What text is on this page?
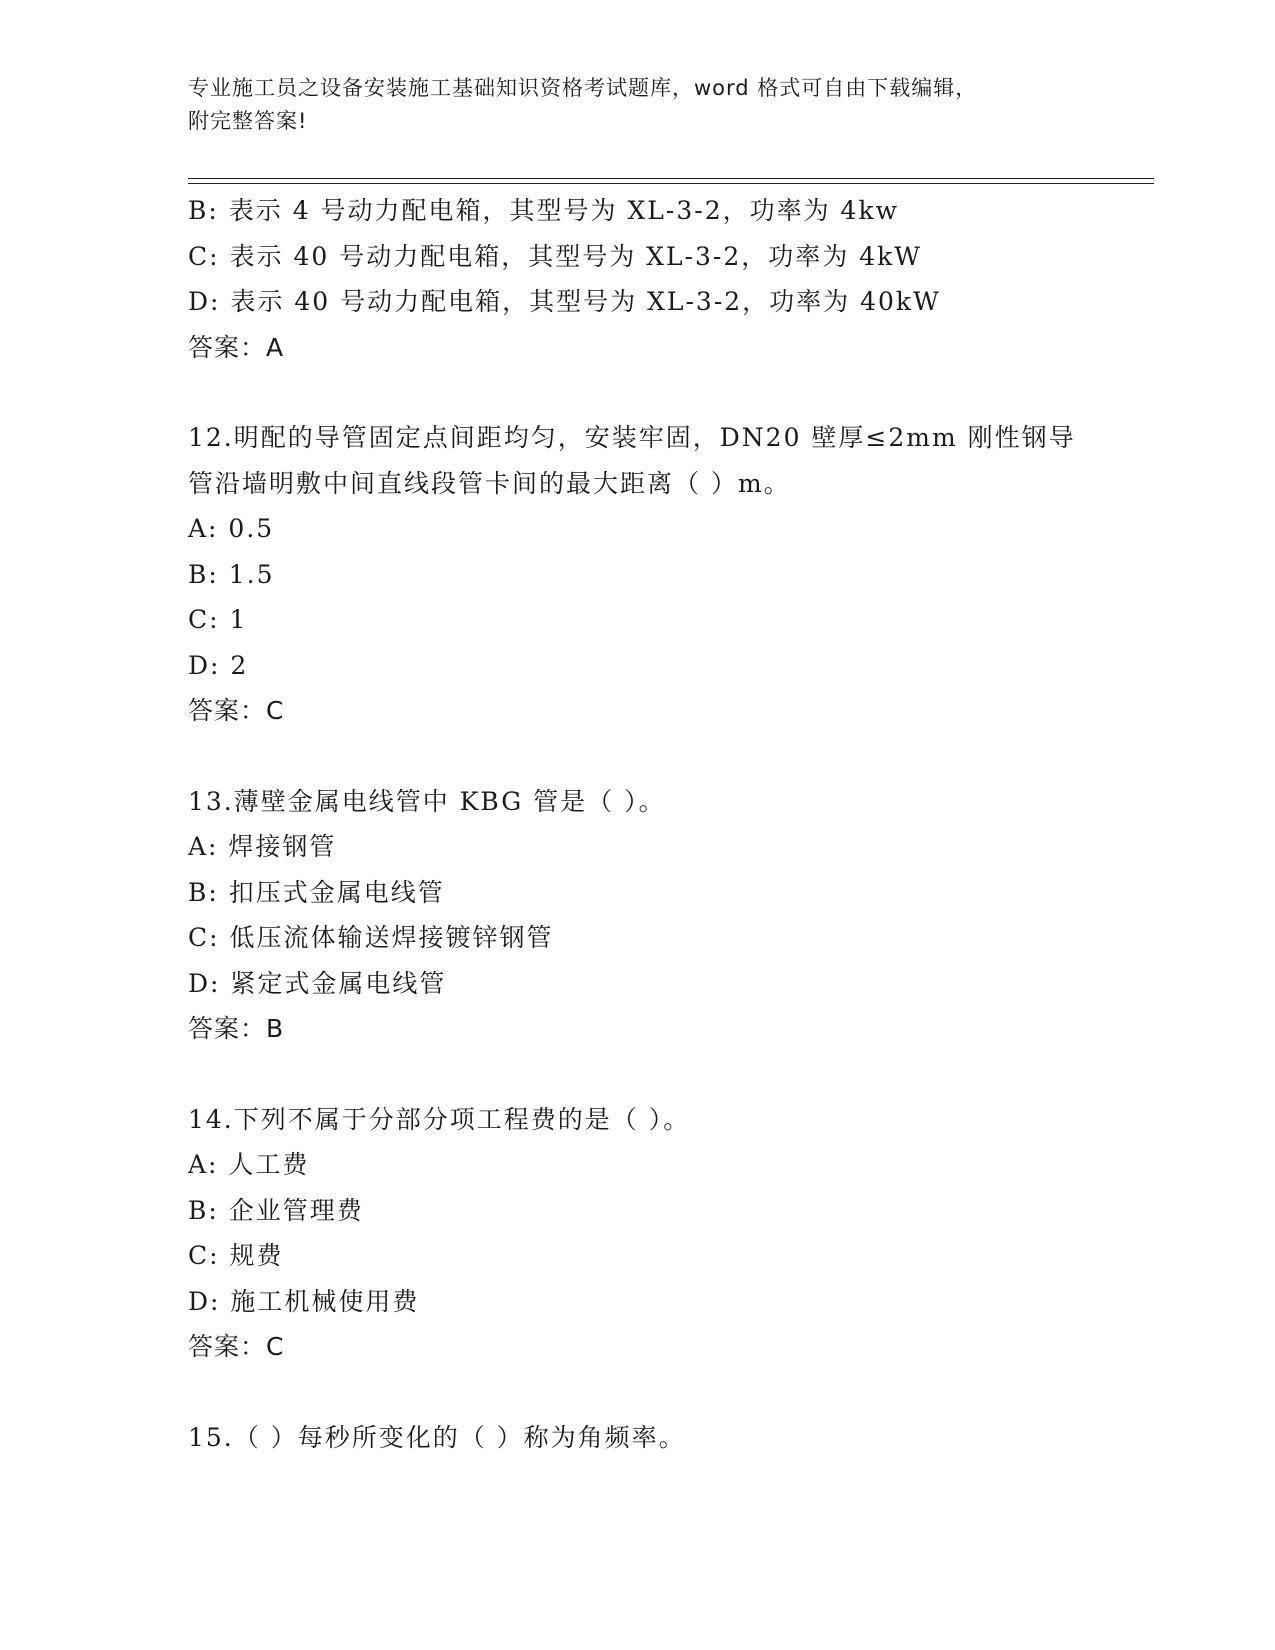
专业施工员之设备安装施工基础知识资格考试题库，word 格式可自由下载编辑，
附完整答案!
B: 表示 4 号动力配电箱，其型号为 XL-3-2，功率为 4kw
C: 表示 40 号动力配电箱，其型号为 XL-3-2，功率为 4kW
D: 表示 40 号动力配电箱，其型号为 XL-3-2，功率为 40kW
答案：A
12.明配的导管固定点间距均匀，安装牢固，DN20 壁厚≤2mm 刚性钢导
管沿墙明敷中间直线段管卡间的最大距离（ ）m。
A: 0.5
B: 1.5
C: 1
D: 2
答案：C
13.薄壁金属电线管中 KBG 管是（ ）。
A: 焊接钢管
B: 扣压式金属电线管
C: 低压流体输送焊接镀锌钢管
D: 紧定式金属电线管
答案：B
14.下列不属于分部分项工程费的是（ ）。
A: 人工费
B: 企业管理费
C: 规费
D: 施工机械使用费
答案：C
15.（ ）每秒所变化的（ ）称为角频率。
